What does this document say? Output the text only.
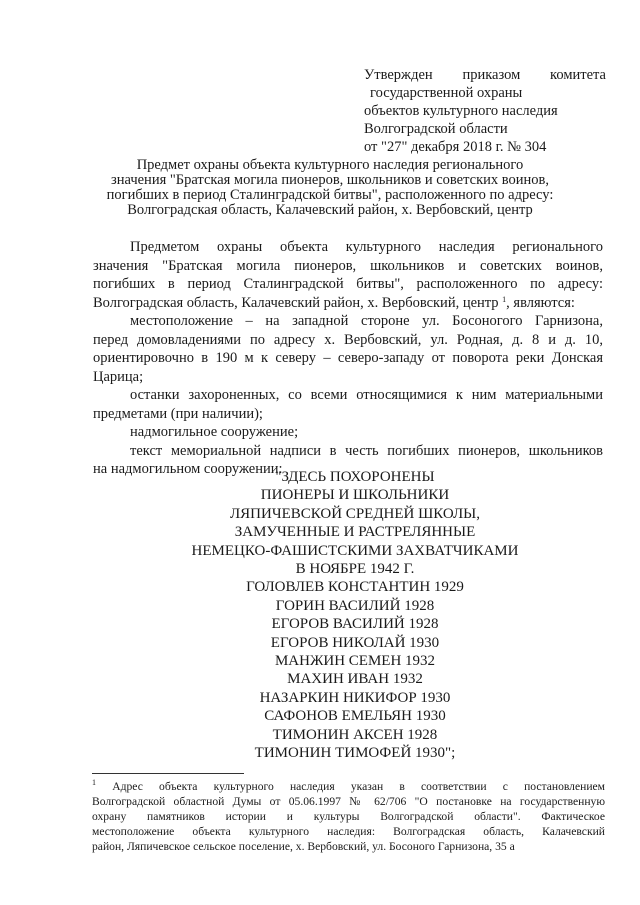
Утвержден приказом комитета
государственной охраны
объектов культурного наследия
Волгоградской области
от "27" декабря 2018 г. № 304
Предмет охраны объекта культурного наследия регионального
значения "Братская могила пионеров, школьников и советских воинов,
погибших в период Сталинградской битвы", расположенного по адресу:
Волгоградская область, Калачевский район, х. Вербовский, центр

Предметом охраны объекта культурного наследия регионального

значения "Братская могила пионеров, школьников и советских воинов,

погибших в период Сталинградской битвы", расположенного по адресу:

Волгоградская область, Калачевский район, х. Вербовский, центр $^1$, являются:

местоположение – на западной стороне ул. Босоногого Гарнизона,

перед домовладениями по адресу х. Вербовский, ул. Родная, д. 8 и д. 10,

ориентировочно в 190 м к северу – северо-западу от поворота реки Донская

Царица;

останки захороненных, со всеми относящимися к ним материальными

предметами (при наличии);

надмогильное сооружение;

текст мемориальной надписи в честь погибших пионеров, школьников

на надмогильном сооружении:

"ЗДЕСЬ ПОХОРОНЕНЫ
ПИОНЕРЫ И ШКОЛЬНИКИ
ЛЯПИЧЕВСКОЙ СРЕДНЕЙ ШКОЛЫ,
ЗАМУЧЕННЫЕ И РАСТРЕЛЯННЫЕ
НЕМЕЦКО-ФАШИСТСКИМИ ЗАХВАТЧИКАМИ
В НОЯБРЕ 1942 Г.
ГОЛОВЛЕВ КОНСТАНТИН 1929
ГОРИН ВАСИЛИЙ 1928
ЕГОРОВ ВАСИЛИЙ 1928
ЕГОРОВ НИКОЛАЙ 1930
МАНЖИН СЕМЕН 1932
МАХИН ИВАН 1932
НАЗАРКИН НИКИФОР 1930
САФОНОВ ЕМЕЛЬЯН 1930
ТИМОНИН АКСЕН 1928
ТИМОНИН ТИМОФЕЙ 1930";
$^1$ Адрес объекта культурного наследия указан в соответствии с постановлением
Волгоградской областной Думы от 05.06.1997 № 62/706 "О постановке на государственную
охрану памятников истории и культуры Волгоградской области". Фактическое
местоположение объекта культурного наследия: Волгоградская область, Калачевский
район, Ляпичевское сельское поселение, х. Вербовский, ул. Босоного Гарнизона, 35 а
